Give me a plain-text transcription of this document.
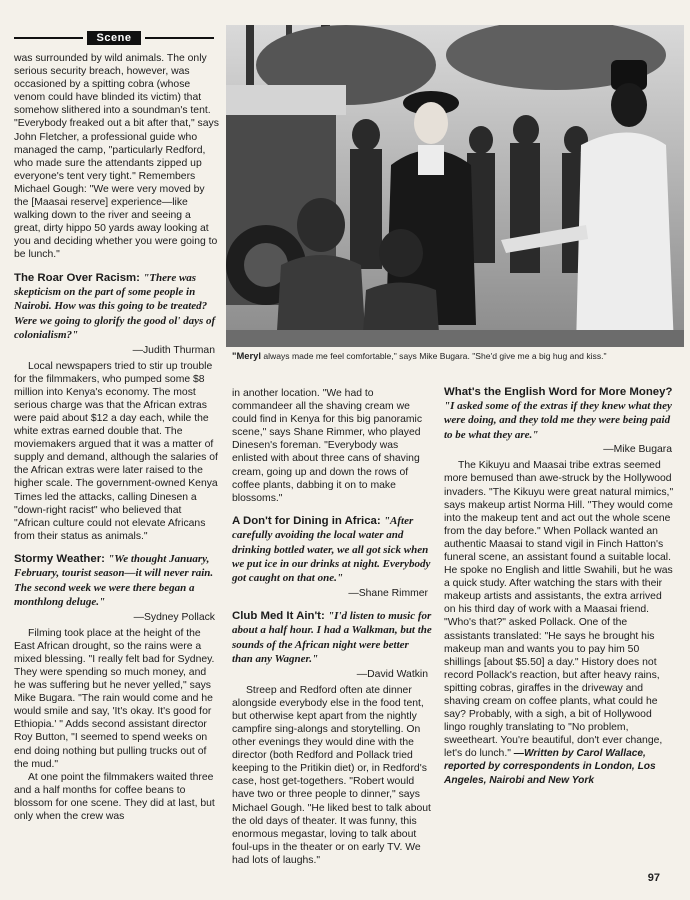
Scene

was surrounded by wild animals. The only serious security breach, however, was occasioned by a spitting cobra (whose venom could have blinded its victim) that somehow slithered into a soundman's tent. "Everybody freaked out a bit after that," says John Fletcher, a professional guide who managed the camp, "particularly Redford, who made sure the attendants zipped up everyone's tent very tight." Remembers Michael Gough: "We were very moved by the [Maasai reserve] experience—like walking down to the river and seeing a great, dirty hippo 50 yards away looking at you and deciding whether you were going to be lunch."

The Roar Over Racism: "There was skepticism on the part of some people in Nairobi. How was this going to be treated? Were we going to glorify the good ol' days of colonialism?"
—Judith Thurman

Local newspapers tried to stir up trouble for the filmmakers, who pumped some $8 million into Kenya's economy. The most serious charge was that the African extras were paid about $12 a day each, while the white extras earned double that. The moviemakers argued that it was a matter of supply and demand, although the salaries of the African extras were later raised to the higher scale. The government-owned Kenya Times led the attacks, calling Dinesen a "down-right racist" who believed that "African culture could not elevate Africans from their status as animals."

Stormy Weather: "We thought January, February, tourist season—it will never rain. The second week we were there began a monthlong deluge."
—Sydney Pollack

Filming took place at the height of the East African drought, so the rains were a mixed blessing. "I really felt bad for Sydney. They were spending so much money, and he was suffering but he never yelled," says Mike Bugara. "The rain would come and he would smile and say, 'It's okay. It's good for Ethiopia.' " Adds second assistant director Roy Button, "I seemed to spend weeks on end doing nothing but pulling trucks out of the mud."

At one point the filmmakers waited three and a half months for coffee beans to blossom for one scene. They did at last, but only when the crew was

"Meryl always made me feel comfortable," says Mike Bugara. "She'd give me a big hug and kiss."

in another location. "We had to commandeer all the shaving cream we could find in Kenya for this big panoramic scene," says Shane Rimmer, who played Dinesen's foreman. "Everybody was enlisted with about three cans of shaving cream, going up and down the rows of coffee plants, dabbing it on to make blossoms."

A Don't for Dining in Africa: "After carefully avoiding the local water and drinking bottled water, we all got sick when we put ice in our drinks at night. Everybody got caught on that one."
—Shane Rimmer
Club Med It Ain't: "I'd listen to music for about a half hour. I had a Walkman, but the sounds of the African night were better than any Wagner."
—David Watkin

Streep and Redford often ate dinner alongside everybody else in the food tent, but otherwise kept apart from the nightly campfire sing-alongs and storytelling. On other evenings they would dine with the director (both Redford and Pollack tried keeping to the Pritikin diet) or, in Redford's case, host get-togethers. "Robert would have two or three people to dinner," says Michael Gough. "He liked best to talk about the old days of theater. It was funny, this enormous megastar, loving to talk about foul-ups in the theater or on early TV. We had lots of laughs."

What's the English Word for More Money? "I asked some of the extras if they knew what they were doing, and they told me they were being paid to be what they are."
—Mike Bugara

The Kikuyu and Maasai tribe extras seemed more bemused than awe-struck by the Hollywood invaders. "The Kikuyu were great natural mimics," says makeup artist Norma Hill. "They would come into the makeup tent and act out the whole scene from the day before." When Pollack wanted an authentic Maasai to stand vigil in Finch Hatton's funeral scene, an assistant found a suitable local. He spoke no English and little Swahili, but he was a quick study. After watching the stars with their makeup artists and assistants, the extra arrived on his third day of work with a Maasai friend. "Who's that?" asked Pollack. One of the assistants translated: "He says he brought his makeup man and wants you to pay him 50 shillings [about $5.50] a day." History does not record Pollack's reaction, but after heavy rains, spitting cobras, giraffes in the driveway and shaving cream on coffee plants, what could he say? Probably, with a sigh, a bit of Hollywood lingo roughly translating to "No problem, sweetheart. You're beautiful, don't ever change, let's do lunch." —Written by Carol Wallace, reported by correspondents in London, Los Angeles, Nairobi and New York

97
